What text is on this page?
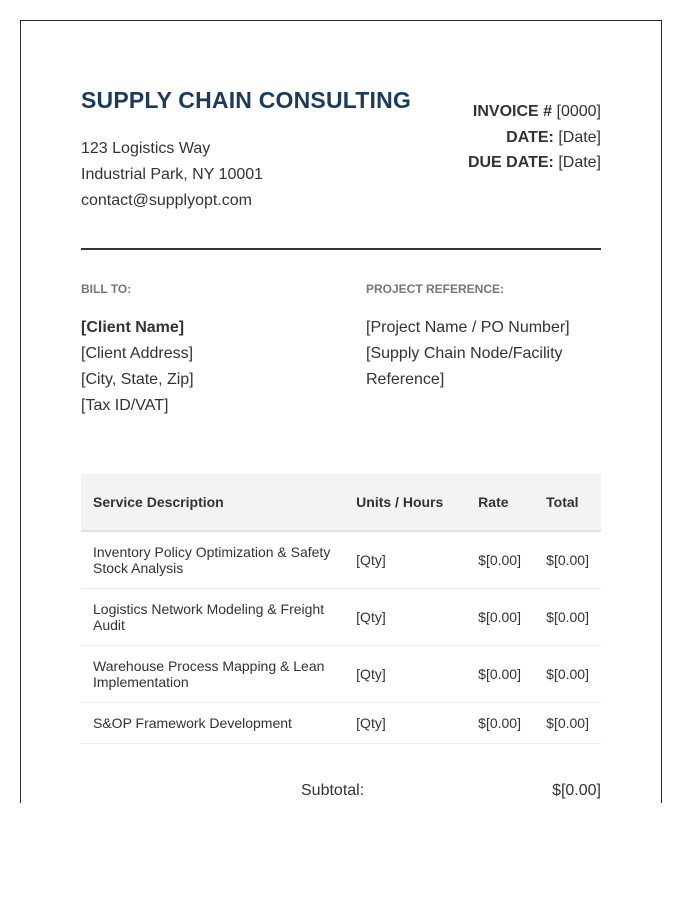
SUPPLY CHAIN CONSULTING
123 Logistics Way
Industrial Park, NY 10001
contact@supplyopt.com
INVOICE # [0000]
DATE: [Date]
DUE DATE: [Date]
BILL TO:	PROJECT REFERENCE:
[Client Name]
[Client Address]
[City, State, Zip]
[Tax ID/VAT]
[Project Name / PO Number]
[Supply Chain Node/Facility Reference]
Service Description	Units / Hours	Rate	Total
Inventory Policy Optimization & Safety Stock Analysis	[Qty]	$[0.00]	$[0.00]
Logistics Network Modeling & Freight Audit	[Qty]	$[0.00]	$[0.00]
Warehouse Process Mapping & Lean Implementation	[Qty]	$[0.00]	$[0.00]
S&OP Framework Development	[Qty]	$[0.00]	$[0.00]
Subtotal:	$[0.00]
